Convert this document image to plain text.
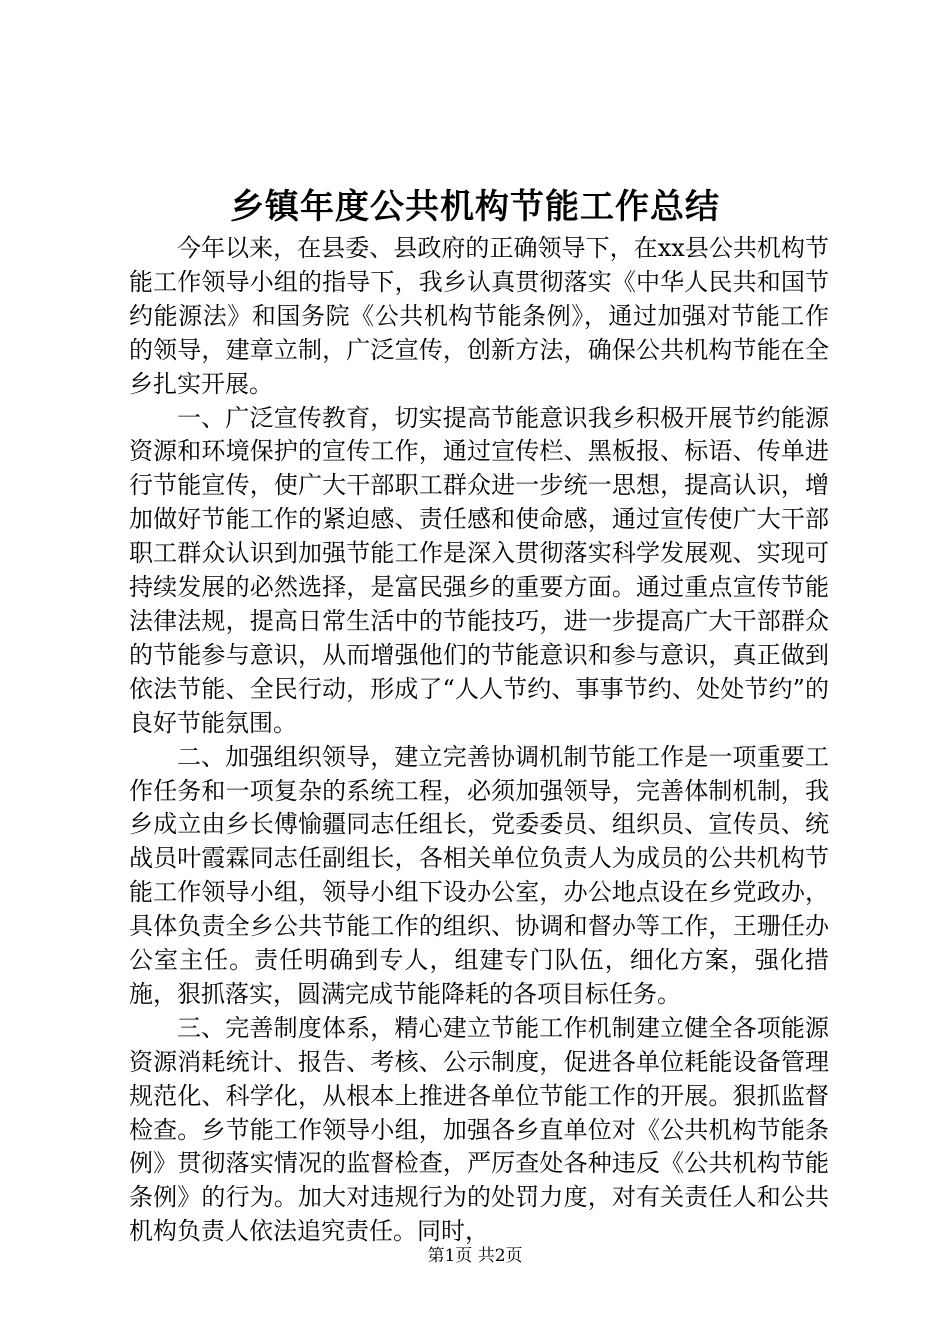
乡镇年度公共机构节能工作总结

今年以来，在县委、县政府的正确领导下，在xx县公共机构节能工作领导小组的指导下，我乡认真贯彻落实《中华人民共和国节约能源法》和国务院《公共机构节能条例》，通过加强对节能工作的领导，建章立制，广泛宣传，创新方法，确保公共机构节能在全乡扎实开展。

一、广泛宣传教育，切实提高节能意识我乡积极开展节约能源资源和环境保护的宣传工作，通过宣传栏、黑板报、标语、传单进行节能宣传，使广大干部职工群众进一步统一思想，提高认识，增加做好节能工作的紧迫感、责任感和使命感，通过宣传使广大干部职工群众认识到加强节能工作是深入贯彻落实科学发展观、实现可持续发展的必然选择，是富民强乡的重要方面。通过重点宣传节能法律法规，提高日常生活中的节能技巧，进一步提高广大干部群众的节能参与意识，从而增强他们的节能意识和参与意识，真正做到依法节能、全民行动，形成了“人人节约、事事节约、处处节约”的良好节能氛围。

二、加强组织领导，建立完善协调机制节能工作是一项重要工作任务和一项复杂的系统工程，必须加强领导，完善体制机制，我乡成立由乡长傅愉疆同志任组长，党委委员、组织员、宣传员、统战员叶霞霖同志任副组长，各相关单位负责人为成员的公共机构节能工作领导小组，领导小组下设办公室，办公地点设在乡党政办，具体负责全乡公共节能工作的组织、协调和督办等工作，王珊任办公室主任。责任明确到专人，组建专门队伍，细化方案，强化措施，狠抓落实，圆满完成节能降耗的各项目标任务。

三、完善制度体系，精心建立节能工作机制建立健全各项能源资源消耗统计、报告、考核、公示制度，促进各单位耗能设备管理规范化、科学化，从根本上推进各单位节能工作的开展。狠抓监督检查。乡节能工作领导小组，加强各乡直单位对《公共机构节能条例》贯彻落实情况的监督检查，严厉查处各种违反《公共机构节能条例》的行为。加大对违规行为的处罚力度，对有关责任人和公共机构负责人依法追究责任。同时，

第1页 共2页
